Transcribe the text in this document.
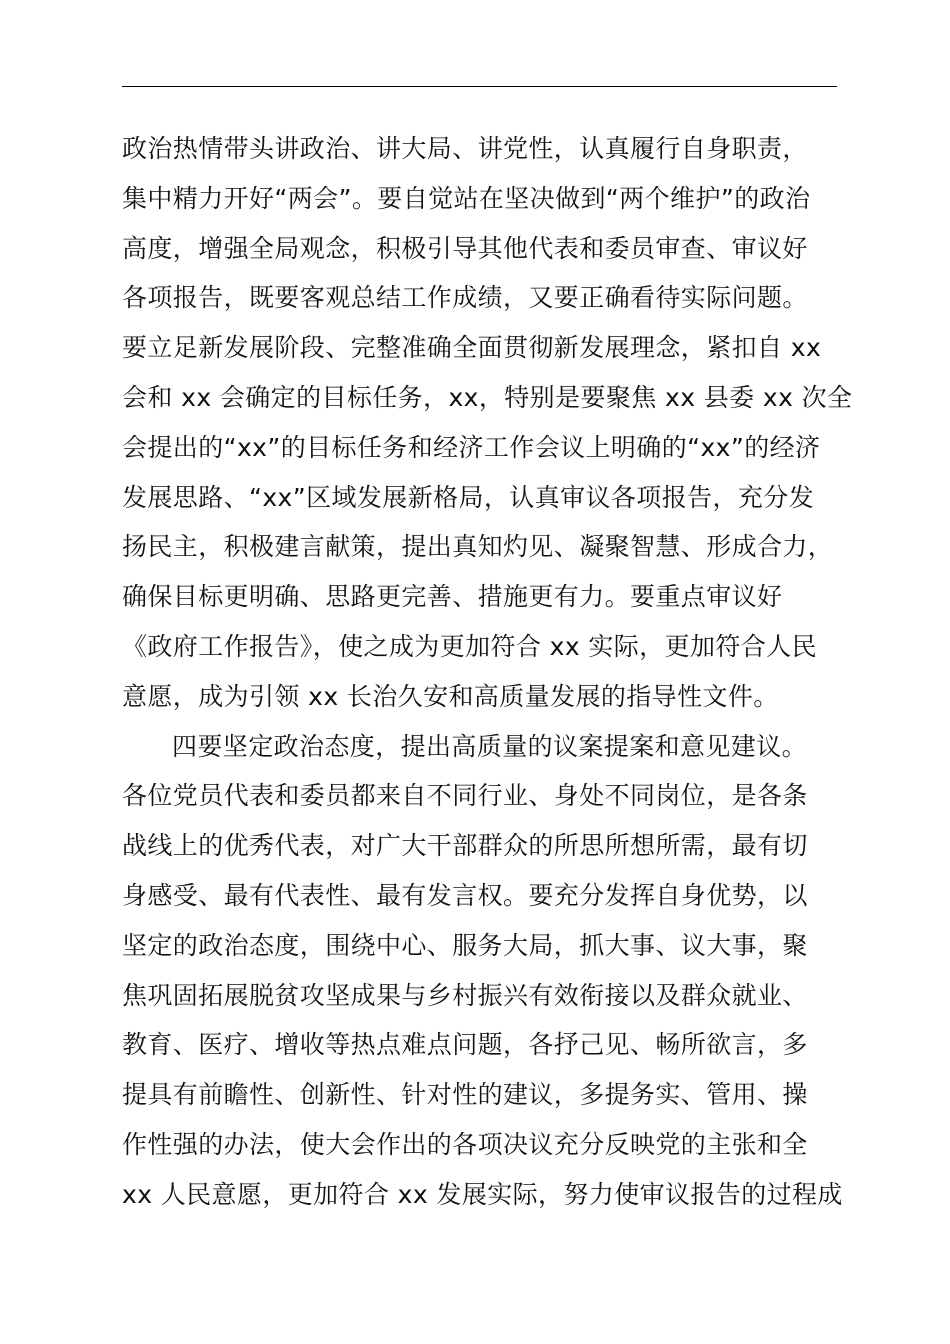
政治热情带头讲政治、讲大局、讲党性，认真履行自身职责，
集中精力开好“两会”。要自觉站在坚决做到“两个维护”的政治
高度，增强全局观念，积极引导其他代表和委员审查、审议好
各项报告，既要客观总结工作成绩，又要正确看待实际问题。
要立足新发展阶段、完整准确全面贯彻新发展理念，紧扣自 xx
会和 xx 会确定的目标任务，xx，特别是要聚焦 xx 县委 xx 次全
会提出的“xx”的目标任务和经济工作会议上明确的“xx”的经济
发展思路、“xx”区域发展新格局，认真审议各项报告，充分发
扬民主，积极建言献策，提出真知灼见、凝聚智慧、形成合力，
确保目标更明确、思路更完善、措施更有力。要重点审议好
《政府工作报告》，使之成为更加符合 xx 实际，更加符合人民
意愿，成为引领 xx 长治久安和高质量发展的指导性文件。
四要坚定政治态度，提出高质量的议案提案和意见建议。
各位党员代表和委员都来自不同行业、身处不同岗位，是各条
战线上的优秀代表，对广大干部群众的所思所想所需，最有切
身感受、最有代表性、最有发言权。要充分发挥自身优势，以
坚定的政治态度，围绕中心、服务大局，抓大事、议大事，聚
焦巩固拓展脱贫攻坚成果与乡村振兴有效衔接以及群众就业、
教育、医疗、增收等热点难点问题，各抒己见、畅所欲言，多
提具有前瞻性、创新性、针对性的建议，多提务实、管用、操
作性强的办法，使大会作出的各项决议充分反映党的主张和全
xx 人民意愿，更加符合 xx 发展实际，努力使审议报告的过程成
